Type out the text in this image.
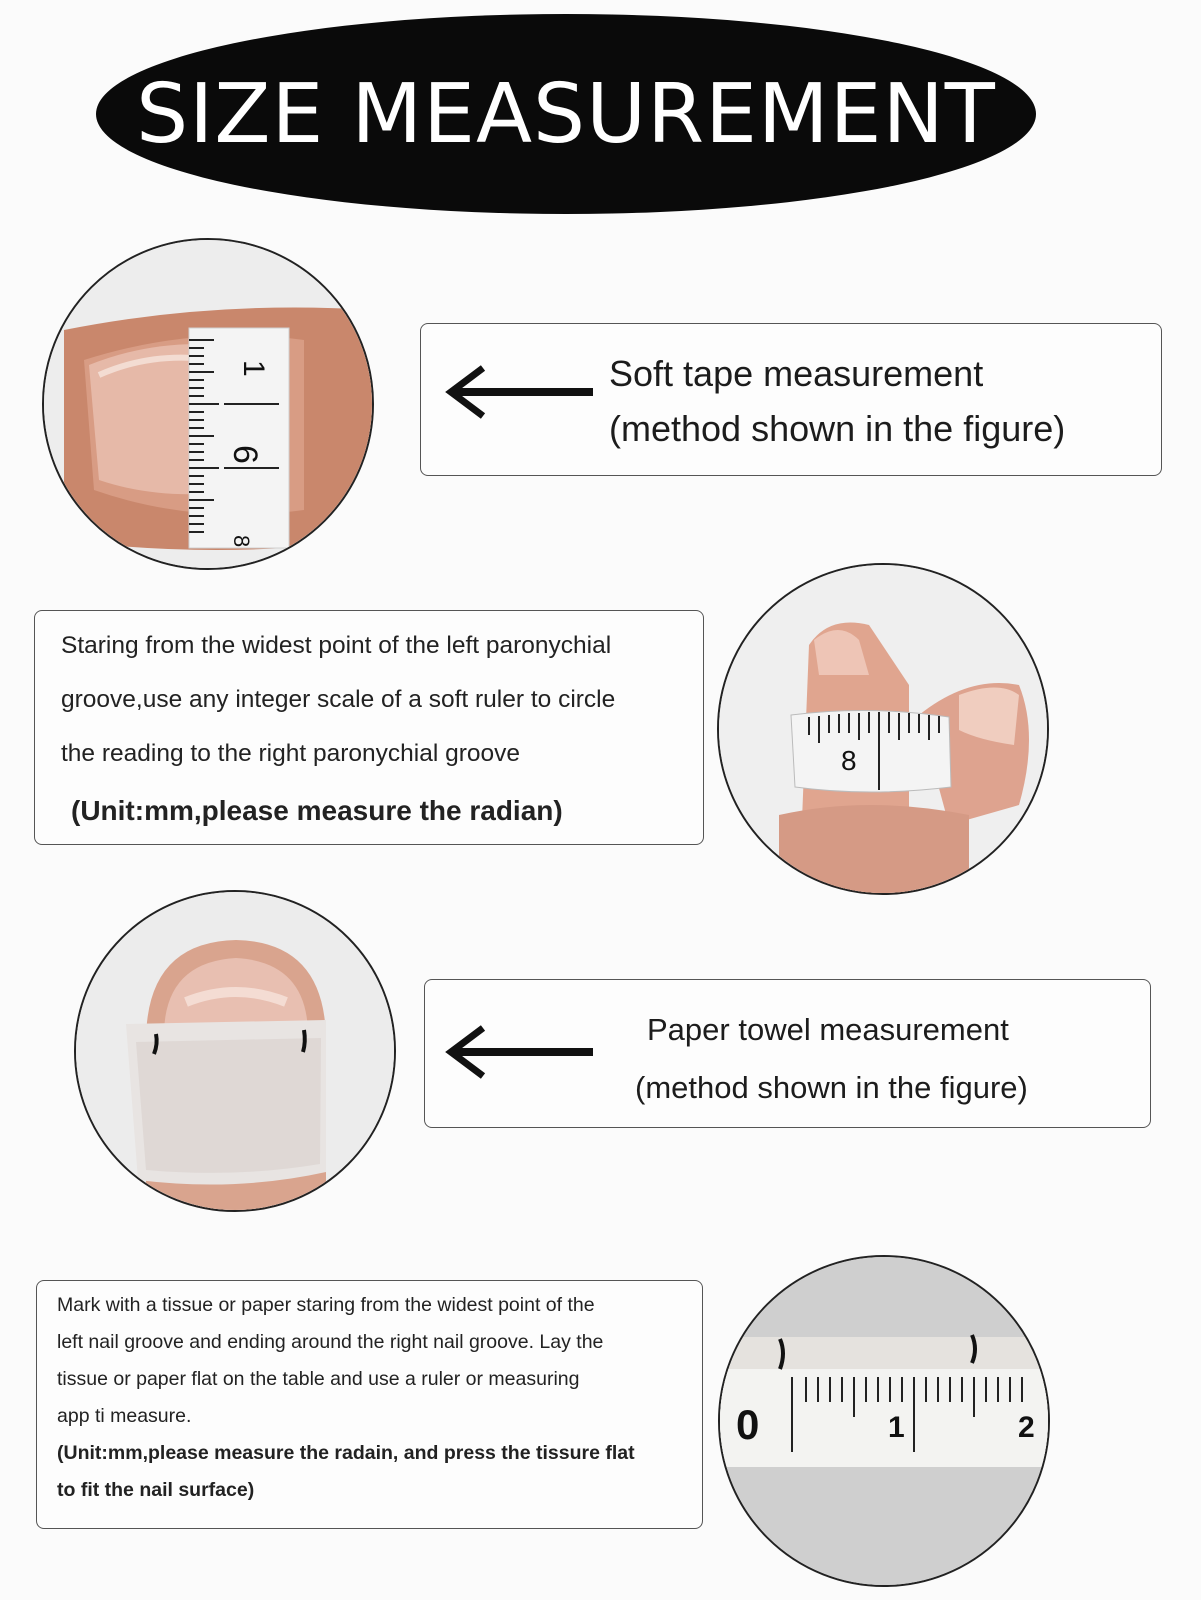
SIZE MEASUREMENT
1
6
8
Soft tape measurement
(method shown in the figure)
Staring from the widest point of the left paronychial
groove,use any integer scale of a soft ruler to circle
the reading to the right paronychial groove
(Unit:mm,please measure the radian)
8
Paper towel measurement
(method shown in the figure)
Mark with a tissue or paper staring from the widest point of the
left nail groove and ending around the right nail groove. Lay the
tissue or paper flat on the table and use a ruler or measuring
app ti measure.
(Unit:mm,please measure the radain, and press the tissure flat
to fit the nail surface)
0	1	2
